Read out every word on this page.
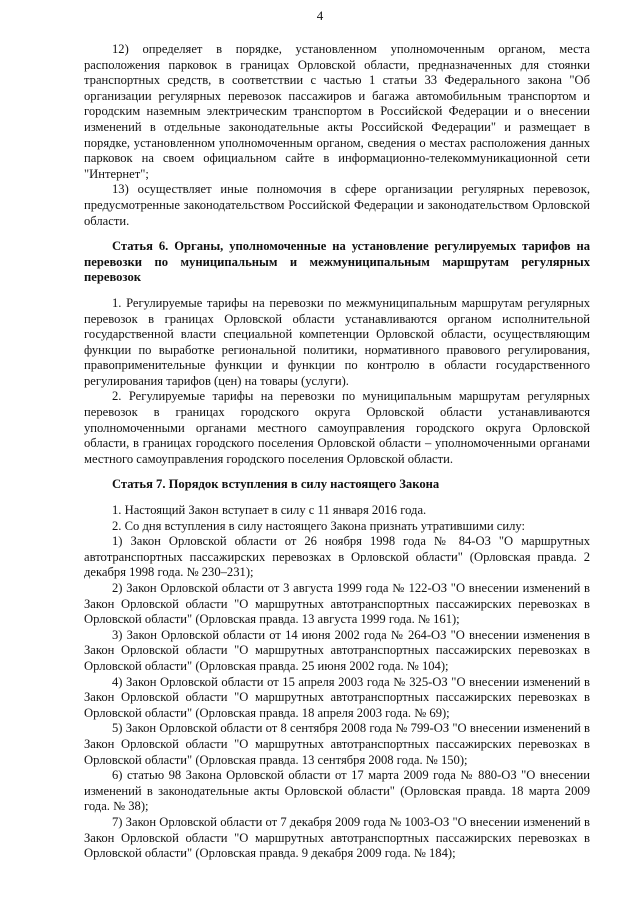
4

12) определяет в порядке, установленном уполномоченным органом, места расположения парковок в границах Орловской области, предназначенных для стоянки транспортных средств, в соответствии с частью 1 статьи 33 Федерального закона "Об организации регулярных перевозок пассажиров и багажа автомобильным транспортом и городским наземным электрическим транспортом в Российской Федерации и о внесении изменений в отдельные законодательные акты Российской Федерации" и размещает в порядке, установленном уполномоченным органом, сведения о местах расположения данных парковок на своем официальном сайте в информационно-телекоммуникационной сети "Интернет";

13) осуществляет иные полномочия в сфере организации регулярных перевозок, предусмотренные законодательством Российской Федерации и законодательством Орловской области.

Статья 6. Органы, уполномоченные на установление регулируемых тарифов на перевозки по муниципальным и межмуниципальным маршрутам регулярных перевозок

1. Регулируемые тарифы на перевозки по межмуниципальным маршрутам регулярных перевозок в границах Орловской области устанавливаются органом исполнительной государственной власти специальной компетенции Орловской области, осуществляющим функции по выработке региональной политики, нормативного правового регулирования, правоприменительные функции и функции по контролю в области государственного регулирования тарифов (цен) на товары (услуги).

2. Регулируемые тарифы на перевозки по муниципальным маршрутам регулярных перевозок в границах городского округа Орловской области устанавливаются уполномоченными органами местного самоуправления городского округа Орловской области, в границах городского поселения Орловской области – уполномоченными органами местного самоуправления городского поселения Орловской области.

Статья 7. Порядок вступления в силу настоящего Закона

1. Настоящий Закон вступает в силу с 11 января 2016 года.

2. Со дня вступления в силу настоящего Закона признать утратившими силу:

1) Закон Орловской области от 26 ноября 1998 года № 84-ОЗ "О маршрутных автотранспортных пассажирских перевозках в Орловской области" (Орловская правда. 2 декабря 1998 года. № 230–231);

2) Закон Орловской области от 3 августа 1999 года № 122-ОЗ "О внесении изменений в Закон Орловской области "О маршрутных автотранспортных пассажирских перевозках в Орловской области" (Орловская правда. 13 августа 1999 года. № 161);

3) Закон Орловской области от 14 июня 2002 года № 264-ОЗ "О внесении изменения в Закон Орловской области "О маршрутных автотранспортных пассажирских перевозках в Орловской области" (Орловская правда. 25 июня 2002 года. № 104);

4) Закон Орловской области от 15 апреля 2003 года № 325-ОЗ "О внесении изменений в Закон Орловской области "О маршрутных автотранспортных пассажирских перевозках в Орловской области" (Орловская правда. 18 апреля 2003 года. № 69);

5) Закон Орловской области от 8 сентября 2008 года № 799-ОЗ "О внесении изменений в Закон Орловской области "О маршрутных автотранспортных пассажирских перевозках в Орловской области" (Орловская правда. 13 сентября 2008 года. № 150);

6) статью 98 Закона Орловской области от 17 марта 2009 года № 880-ОЗ "О внесении изменений в законодательные акты Орловской области" (Орловская правда. 18 марта 2009 года. № 38);

7) Закон Орловской области от 7 декабря 2009 года № 1003-ОЗ "О внесении изменений в Закон Орловской области "О маршрутных автотранспортных пассажирских перевозках в Орловской области" (Орловская правда. 9 декабря 2009 года. № 184);
